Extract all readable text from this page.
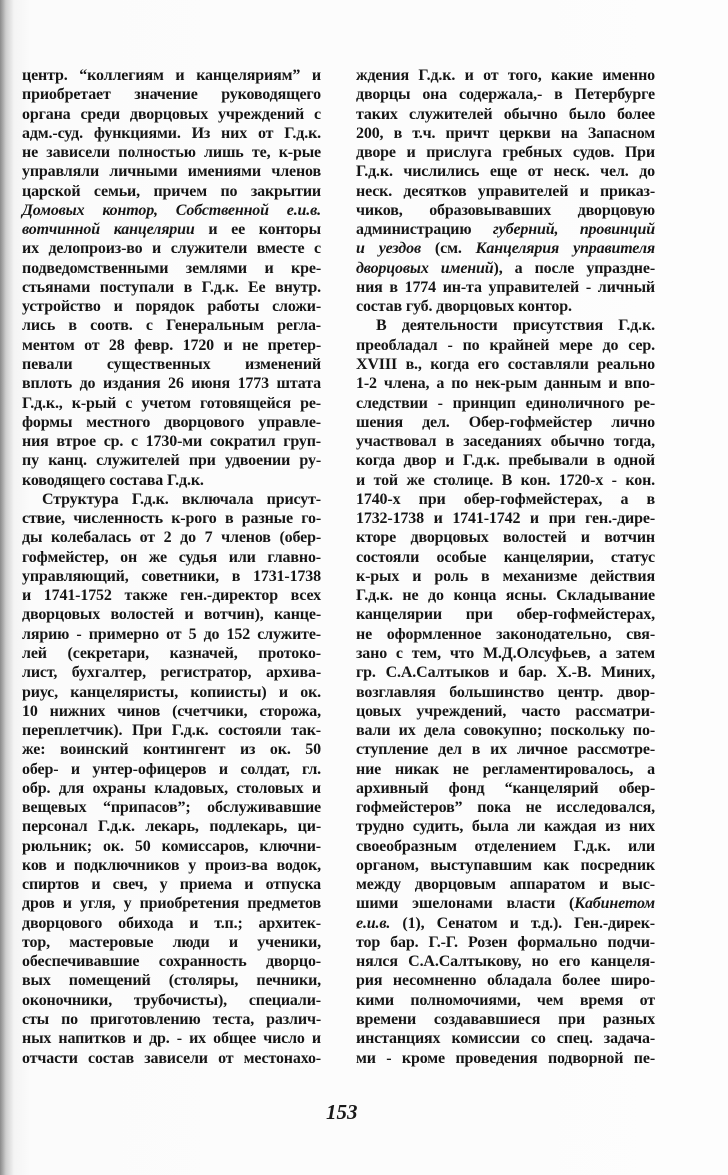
центр. “коллегиям и канцеляриям” и
приобретает значение руководящего
органа среди дворцовых учреждений с
адм.-суд. функциями. Из них от Г.д.к.
не зависели полностью лишь те, к-рые
управляли личными имениями членов
царской семьи, причем по закрытии
Домовых контор, Собственной е.и.в.
вотчинной канцелярии и ее конторы
их делопроиз-во и служители вместе с
подведомственными землями и кре-
стьянами поступали в Г.д.к. Ее внутр.
устройство и порядок работы сложи-
лись в соотв. с Генеральным регла-
ментом от 28 февр. 1720 и не претер-
певали существенных изменений
вплоть до издания 26 июня 1773 штата
Г.д.к., к-рый с учетом готовящейся ре-
формы местного дворцового управле-
ния втрое ср. с 1730-ми сократил груп-
пу канц. служителей при удвоении ру-
ководящего состава Г.д.к.
Структура Г.д.к. включала присут-
ствие, численность к-рого в разные го-
ды колебалась от 2 до 7 членов (обер-
гофмейстер, он же судья или главно-
управляющий, советники, в 1731-1738
и 1741-1752 также ген.-директор всех
дворцовых волостей и вотчин), канце-
лярию - примерно от 5 до 152 служите-
лей (секретари, казначей, протоко-
лист, бухгалтер, регистратор, архива-
риус, канцеляристы, копиисты) и ок.
10 нижних чинов (счетчики, сторожа,
переплетчик). При Г.д.к. состояли так-
же: воинский контингент из ок. 50
обер- и унтер-офицеров и солдат, гл.
обр. для охраны кладовых, столовых и
вещевых “припасов”; обслуживавшие
персонал Г.д.к. лекарь, подлекарь, ци-
рюльник; ок. 50 комиссаров, ключни-
ков и подключников у произ-ва водок,
спиртов и свеч, у приема и отпуска
дров и угля, у приобретения предметов
дворцового обихода и т.п.; архитек-
тор, мастеровые люди и ученики,
обеспечивавшие сохранность дворцо-
вых помещений (столяры, печники,
оконочники, трубочисты), специали-
сты по приготовлению теста, различ-
ных напитков и др. - их общее число и
отчасти состав зависели от местонахо-
ждения Г.д.к. и от того, какие именно
дворцы она содержала,- в Петербурге
таких служителей обычно было более
200, в т.ч. причт церкви на Запасном
дворе и прислуга гребных судов. При
Г.д.к. числились еще от неск. чел. до
неск. десятков управителей и приказ-
чиков, образовывавших дворцовую
администрацию губерний, провинций
и уездов (см. Канцелярия управителя
дворцовых имений), а после упраздне-
ния в 1774 ин-та управителей - личный
состав губ. дворцовых контор.
В деятельности присутствия Г.д.к.
преобладал - по крайней мере до сер.
XVIII в., когда его составляли реально
1-2 члена, а по нек-рым данным и впо-
следствии - принцип единоличного ре-
шения дел. Обер-гофмейстер лично
участвовал в заседаниях обычно тогда,
когда двор и Г.д.к. пребывали в одной
и той же столице. В кон. 1720-х - кон.
1740-х при обер-гофмейстерах, а в
1732-1738 и 1741-1742 и при ген.-дире-
кторе дворцовых волостей и вотчин
состояли особые канцелярии, статус
к-рых и роль в механизме действия
Г.д.к. не до конца ясны. Складывание
канцелярии при обер-гофмейстерах,
не оформленное законодательно, свя-
зано с тем, что М.Д.Олсуфьев, а затем
гр. С.А.Салтыков и бар. Х.-В. Миних,
возглавляя большинство центр. двор-
цовых учреждений, часто рассматри-
вали их дела совокупно; поскольку по-
ступление дел в их личное рассмотре-
ние никак не регламентировалось, а
архивный фонд “канцелярий обер-
гофмейстеров” пока не исследовался,
трудно судить, была ли каждая из них
своеобразным отделением Г.д.к. или
органом, выступавшим как посредник
между дворцовым аппаратом и выс-
шими эшелонами власти (Кабинетом
е.и.в. (1), Сенатом и т.д.). Ген.-дирек-
тор бар. Г.-Г. Розен формально подчи-
нялся С.А.Салтыкову, но его канцеля-
рия несомненно обладала более широ-
кими полномочиями, чем время от
времени создававшиеся при разных
инстанциях комиссии со спец. задача-
ми - кроме проведения подворной пе-
153
